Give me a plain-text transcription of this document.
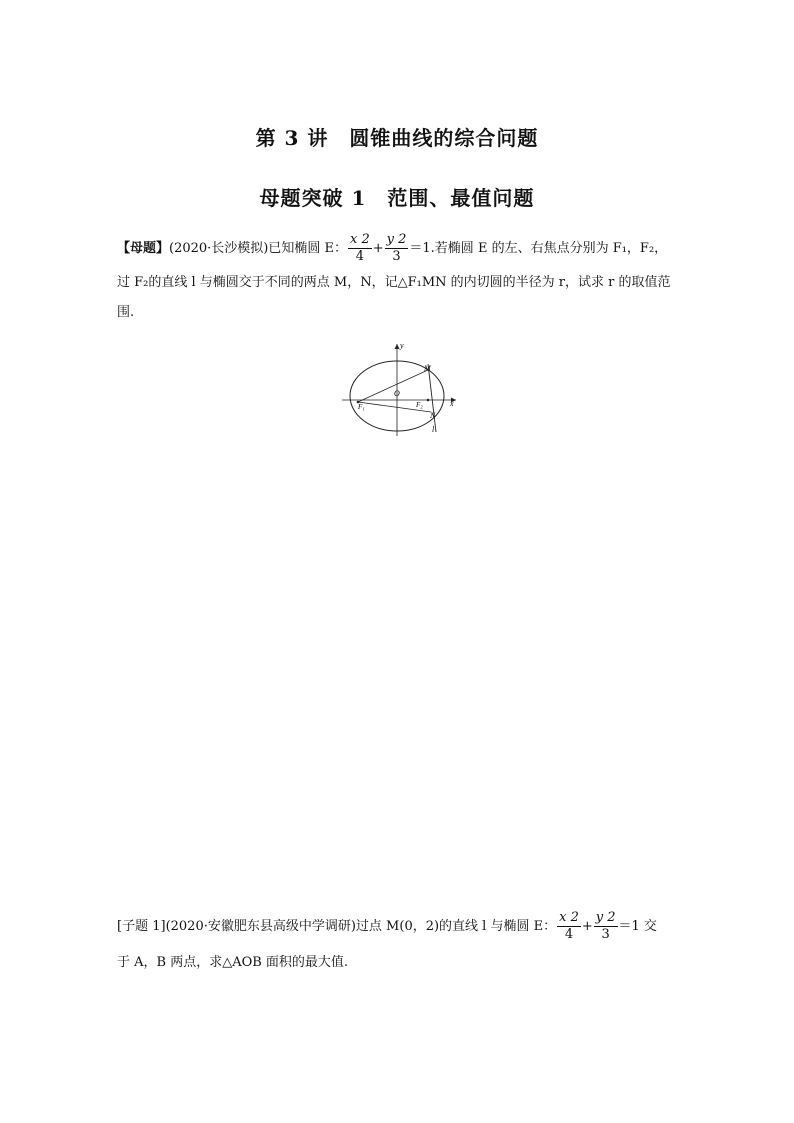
第 3 讲　圆锥曲线的综合问题
母题突破 1　范围、最值问题
【母题】(2020·长沙模拟)已知椭圆 E： $\frac{x 2}{4} + \frac{y 2}{3} =1$.若椭圆 E 的左、右焦点分别为 F₁，F₂，
过 F₂的直线 l 与椭圆交于不同的两点 M，N，记△F₁MN 的内切圆的半径为 r，试求 r 的取值范
围.
y
x
M
O
F₁	F₂
N
l
[子题 1](2020·安徽肥东县高级中学调研)过点 M(0，2)的直线 l 与椭圆 E： $\frac{x 2}{4} + \frac{y 2}{3} =1$ 交
于 A，B 两点，求△AOB 面积的最大值.
